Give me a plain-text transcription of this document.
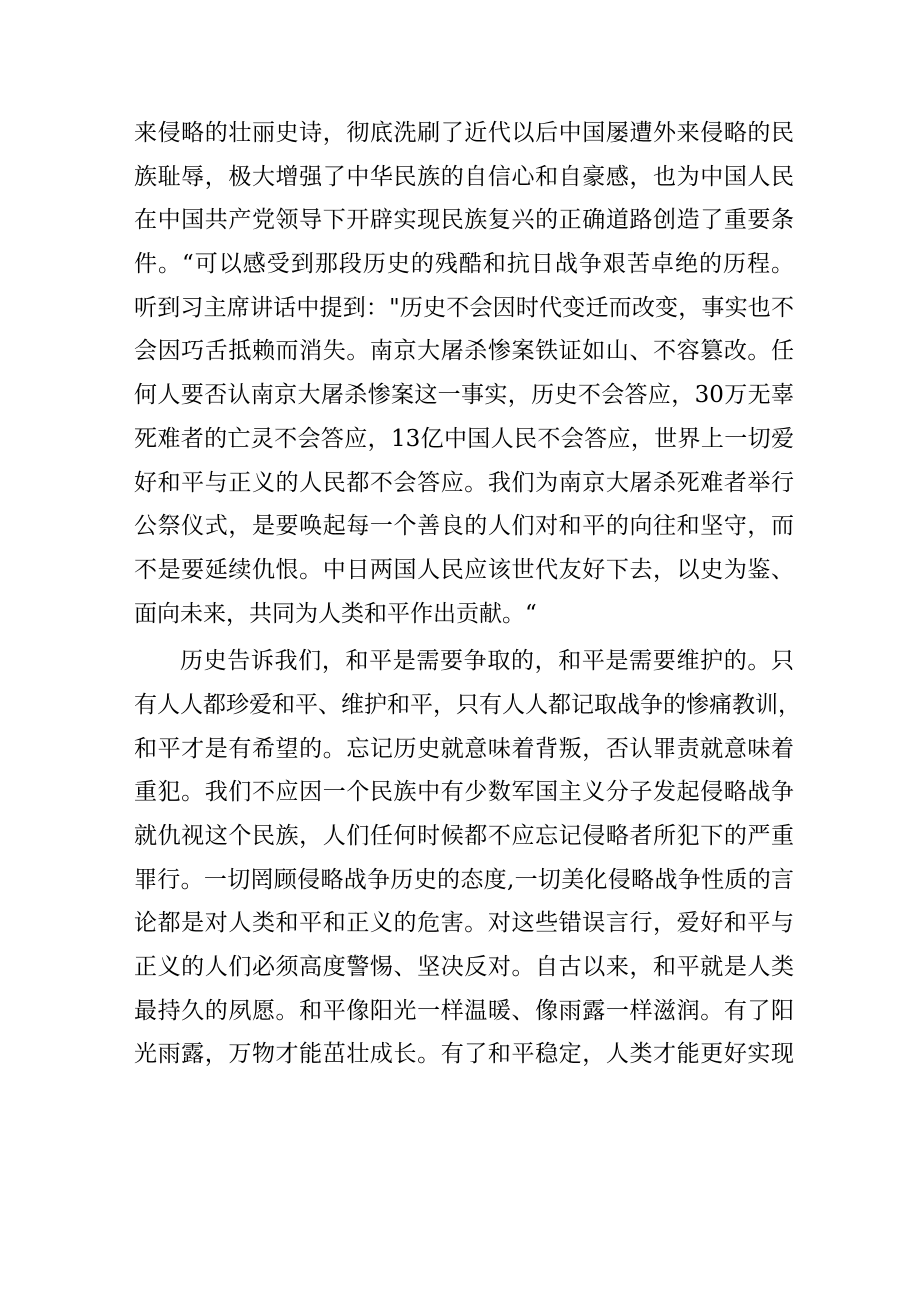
来侵略的壮丽史诗，彻底洗刷了近代以后中国屡遭外来侵略的民
族耻辱，极大增强了中华民族的自信心和自豪感，也为中国人民
在中国共产党领导下开辟实现民族复兴的正确道路创造了重要条
件。“可以感受到那段历史的残酷和抗日战争艰苦卓绝的历程。
听到习主席讲话中提到："历史不会因时代变迁而改变，事实也不
会因巧舌抵赖而消失。南京大屠杀惨案铁证如山、不容篡改。任
何人要否认南京大屠杀惨案这一事实，历史不会答应，30万无辜
死难者的亡灵不会答应，13亿中国人民不会答应，世界上一切爱
好和平与正义的人民都不会答应。我们为南京大屠杀死难者举行
公祭仪式，是要唤起每一个善良的人们对和平的向往和坚守，而
不是要延续仇恨。中日两国人民应该世代友好下去，以史为鉴、
面向未来，共同为人类和平作出贡献。“
历史告诉我们，和平是需要争取的，和平是需要维护的。只
有人人都珍爱和平、维护和平，只有人人都记取战争的惨痛教训，
和平才是有希望的。忘记历史就意味着背叛，否认罪责就意味着
重犯。我们不应因一个民族中有少数军国主义分子发起侵略战争
就仇视这个民族，人们任何时候都不应忘记侵略者所犯下的严重
罪行。一切罔顾侵略战争历史的态度,一切美化侵略战争性质的言
论都是对人类和平和正义的危害。对这些错误言行，爱好和平与
正义的人们必须高度警惕、坚决反对。自古以来，和平就是人类
最持久的夙愿。和平像阳光一样温暖、像雨露一样滋润。有了阳
光雨露，万物才能茁壮成长。有了和平稳定，人类才能更好实现
